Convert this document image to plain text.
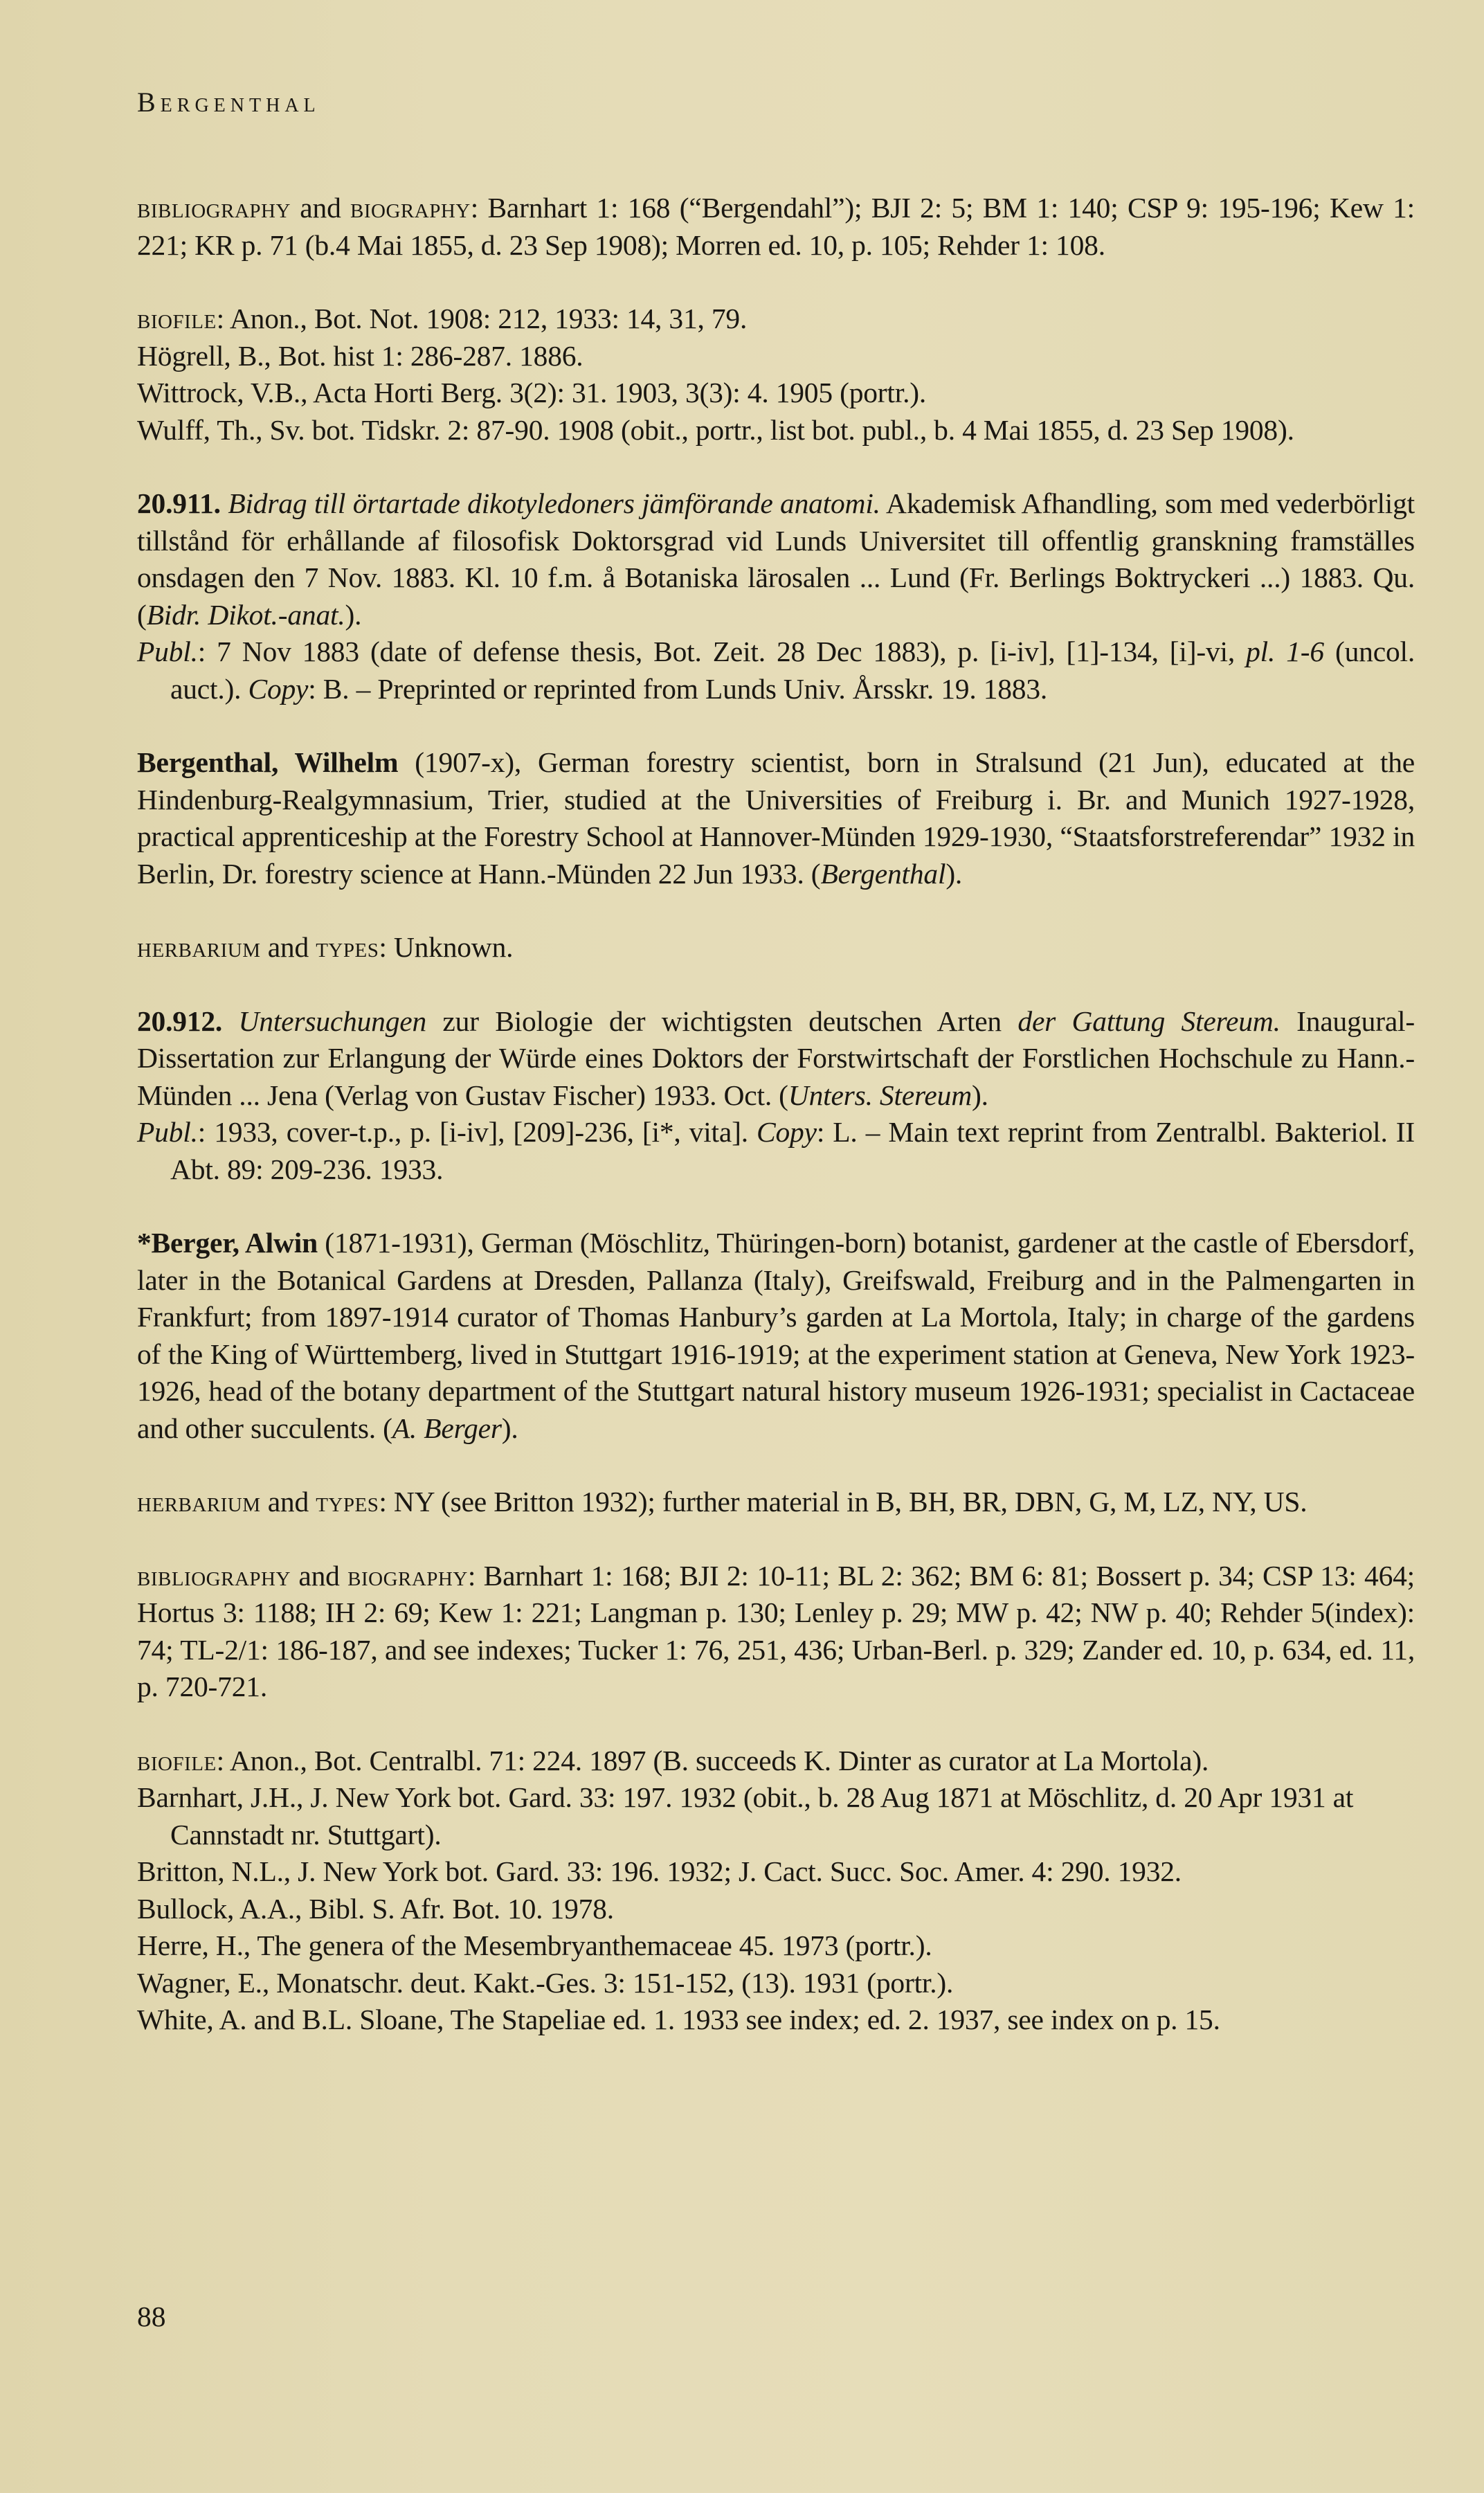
Bergenthal

bibliography and biography: Barnhart 1: 168 (“Bergendahl”); BJI 2: 5; BM 1: 140; CSP 9: 195-196; Kew 1: 221; KR p. 71 (b.4 Mai 1855, d. 23 Sep 1908); Morren ed. 10, p. 105; Rehder 1: 108.

biofile: Anon., Bot. Not. 1908: 212, 1933: 14, 31, 79.

Högrell, B., Bot. hist 1: 286-287. 1886.

Wittrock, V.B., Acta Horti Berg. 3(2): 31. 1903, 3(3): 4. 1905 (portr.).

Wulff, Th., Sv. bot. Tidskr. 2: 87-90. 1908 (obit., portr., list bot. publ., b. 4 Mai 1855, d. 23 Sep 1908).

20.911. Bidrag till örtartade dikotyledoners jämförande anatomi. Akademisk Afhandling, som med vederbörligt tillstånd för erhållande af filosofisk Doktorsgrad vid Lunds Universitet till offentlig granskning framställes onsdagen den 7 Nov. 1883. Kl. 10 f.m. å Botaniska lärosalen ... Lund (Fr. Berlings Boktryckeri ...) 1883. Qu. (Bidr. Dikot.-anat.).

Publ.: 7 Nov 1883 (date of defense thesis, Bot. Zeit. 28 Dec 1883), p. [i-iv], [1]-134, [i]-vi, pl. 1-6 (uncol. auct.). Copy: B. – Preprinted or reprinted from Lunds Univ. Årsskr. 19. 1883.

Bergenthal, Wilhelm (1907-x), German forestry scientist, born in Stralsund (21 Jun), educated at the Hindenburg-Realgymnasium, Trier, studied at the Universities of Freiburg i. Br. and Munich 1927-1928, practical apprenticeship at the Forestry School at Hannover-Münden 1929-1930, “Staatsforstreferendar” 1932 in Berlin, Dr. forestry science at Hann.-Münden 22 Jun 1933. (Bergenthal).

herbarium and types: Unknown.

20.912. Untersuchungen zur Biologie der wichtigsten deutschen Arten der Gattung Stereum. Inaugural-Dissertation zur Erlangung der Würde eines Doktors der Forstwirtschaft der Forstlichen Hochschule zu Hann.-Münden ... Jena (Verlag von Gustav Fischer) 1933. Oct. (Unters. Stereum).

Publ.: 1933, cover-t.p., p. [i-iv], [209]-236, [i*, vita]. Copy: L. – Main text reprint from Zentralbl. Bakteriol. II Abt. 89: 209-236. 1933.

*Berger, Alwin (1871-1931), German (Möschlitz, Thüringen-born) botanist, gardener at the castle of Ebersdorf, later in the Botanical Gardens at Dresden, Pallanza (Italy), Greifswald, Freiburg and in the Palmengarten in Frankfurt; from 1897-1914 curator of Thomas Hanbury’s garden at La Mortola, Italy; in charge of the gardens of the King of Württemberg, lived in Stuttgart 1916-1919; at the experiment station at Geneva, New York 1923-1926, head of the botany department of the Stuttgart natural history museum 1926-1931; specialist in Cactaceae and other succulents. (A. Berger).

herbarium and types: NY (see Britton 1932); further material in B, BH, BR, DBN, G, M, LZ, NY, US.

bibliography and biography: Barnhart 1: 168; BJI 2: 10-11; BL 2: 362; BM 6: 81; Bossert p. 34; CSP 13: 464; Hortus 3: 1188; IH 2: 69; Kew 1: 221; Langman p. 130; Lenley p. 29; MW p. 42; NW p. 40; Rehder 5(index): 74; TL-2/1: 186-187, and see indexes; Tucker 1: 76, 251, 436; Urban-Berl. p. 329; Zander ed. 10, p. 634, ed. 11, p. 720-721.

biofile: Anon., Bot. Centralbl. 71: 224. 1897 (B. succeeds K. Dinter as curator at La Mortola).

Barnhart, J.H., J. New York bot. Gard. 33: 197. 1932 (obit., b. 28 Aug 1871 at Möschlitz, d. 20 Apr 1931 at Cannstadt nr. Stuttgart).

Britton, N.L., J. New York bot. Gard. 33: 196. 1932; J. Cact. Succ. Soc. Amer. 4: 290. 1932.

Bullock, A.A., Bibl. S. Afr. Bot. 10. 1978.

Herre, H., The genera of the Mesembryanthemaceae 45. 1973 (portr.).

Wagner, E., Monatschr. deut. Kakt.-Ges. 3: 151-152, (13). 1931 (portr.).

White, A. and B.L. Sloane, The Stapeliae ed. 1. 1933 see index; ed. 2. 1937, see index on p. 15.

88
